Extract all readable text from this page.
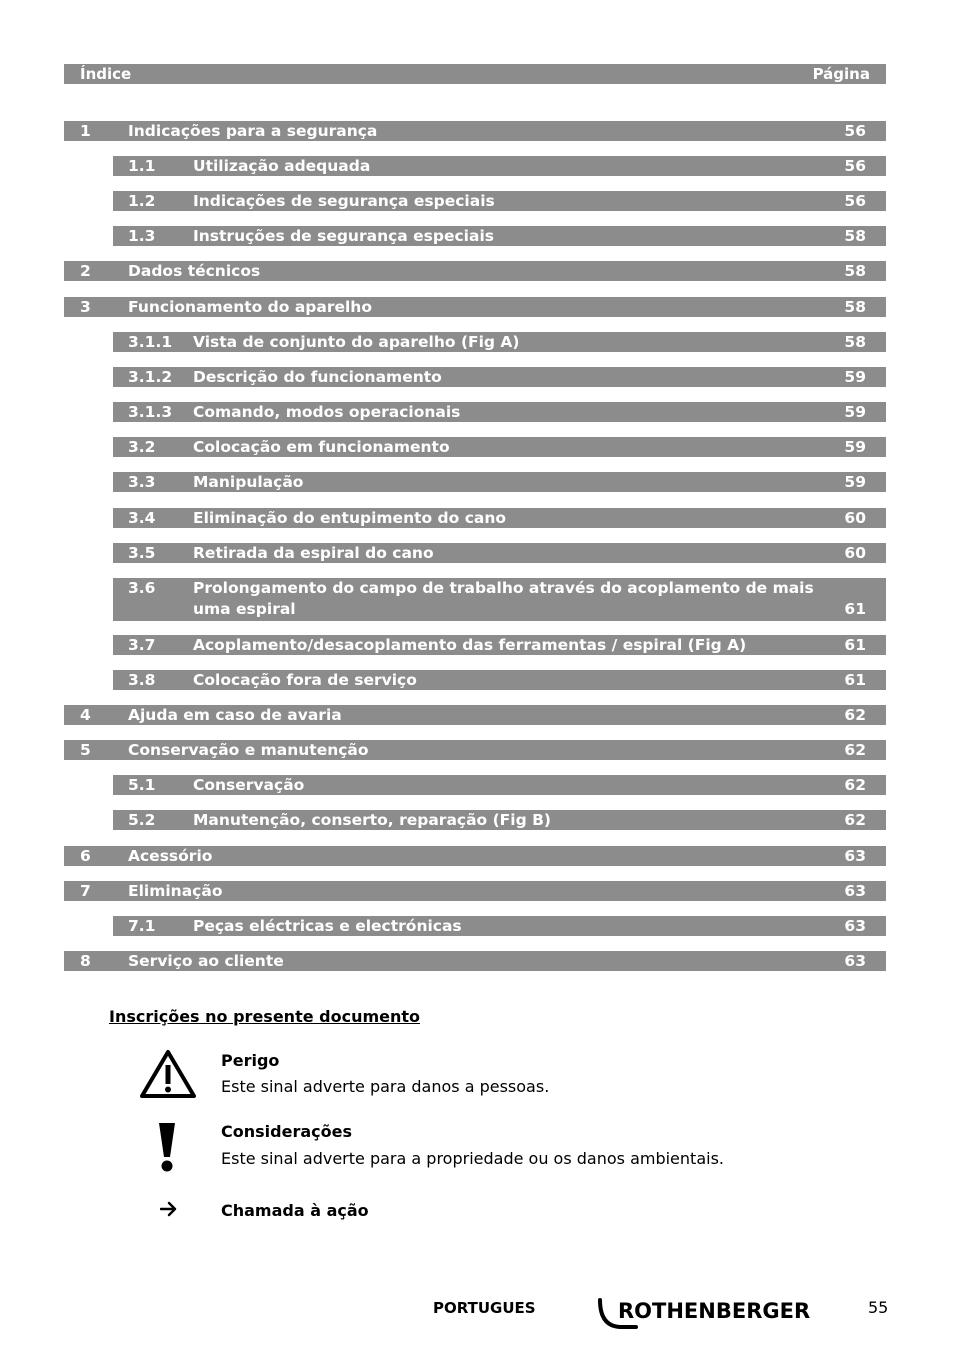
Índice	Página
1 Indicações para a segurança	56
1.1 Utilização adequada	56
1.2 Indicações de segurança especiais	56
1.3 Instruções de segurança especiais	58
2 Dados técnicos	58
3 Funcionamento do aparelho	58
3.1.1 Vista de conjunto do aparelho (Fig A)	58
3.1.2 Descrição do funcionamento	59
3.1.3 Comando, modos operacionais	59
3.2 Colocação em funcionamento	59
3.3 Manipulação	59
3.4 Eliminação do entupimento do cano	60
3.5 Retirada da espiral do cano	60
3.6 Prolongamento do campo de trabalho através do acoplamento de mais uma espiral	61
3.7 Acoplamento/desacoplamento das ferramentas / espiral (Fig A)	61
3.8 Colocação fora de serviço	61
4 Ajuda em caso de avaria	62
5 Conservação e manutenção	62
5.1 Conservação	62
5.2 Manutenção, conserto, reparação (Fig B)	62
6 Acessório	63
7 Eliminação	63
7.1 Peças eléctricas e electrónicas	63
8 Serviço ao cliente	63
Inscrições no presente documento
Perigo
Este sinal adverte para danos a pessoas.
Considerações
Este sinal adverte para a propriedade ou os danos ambientais.
Chamada à ação
PORTUGUES	ROTHENBERGER	55
